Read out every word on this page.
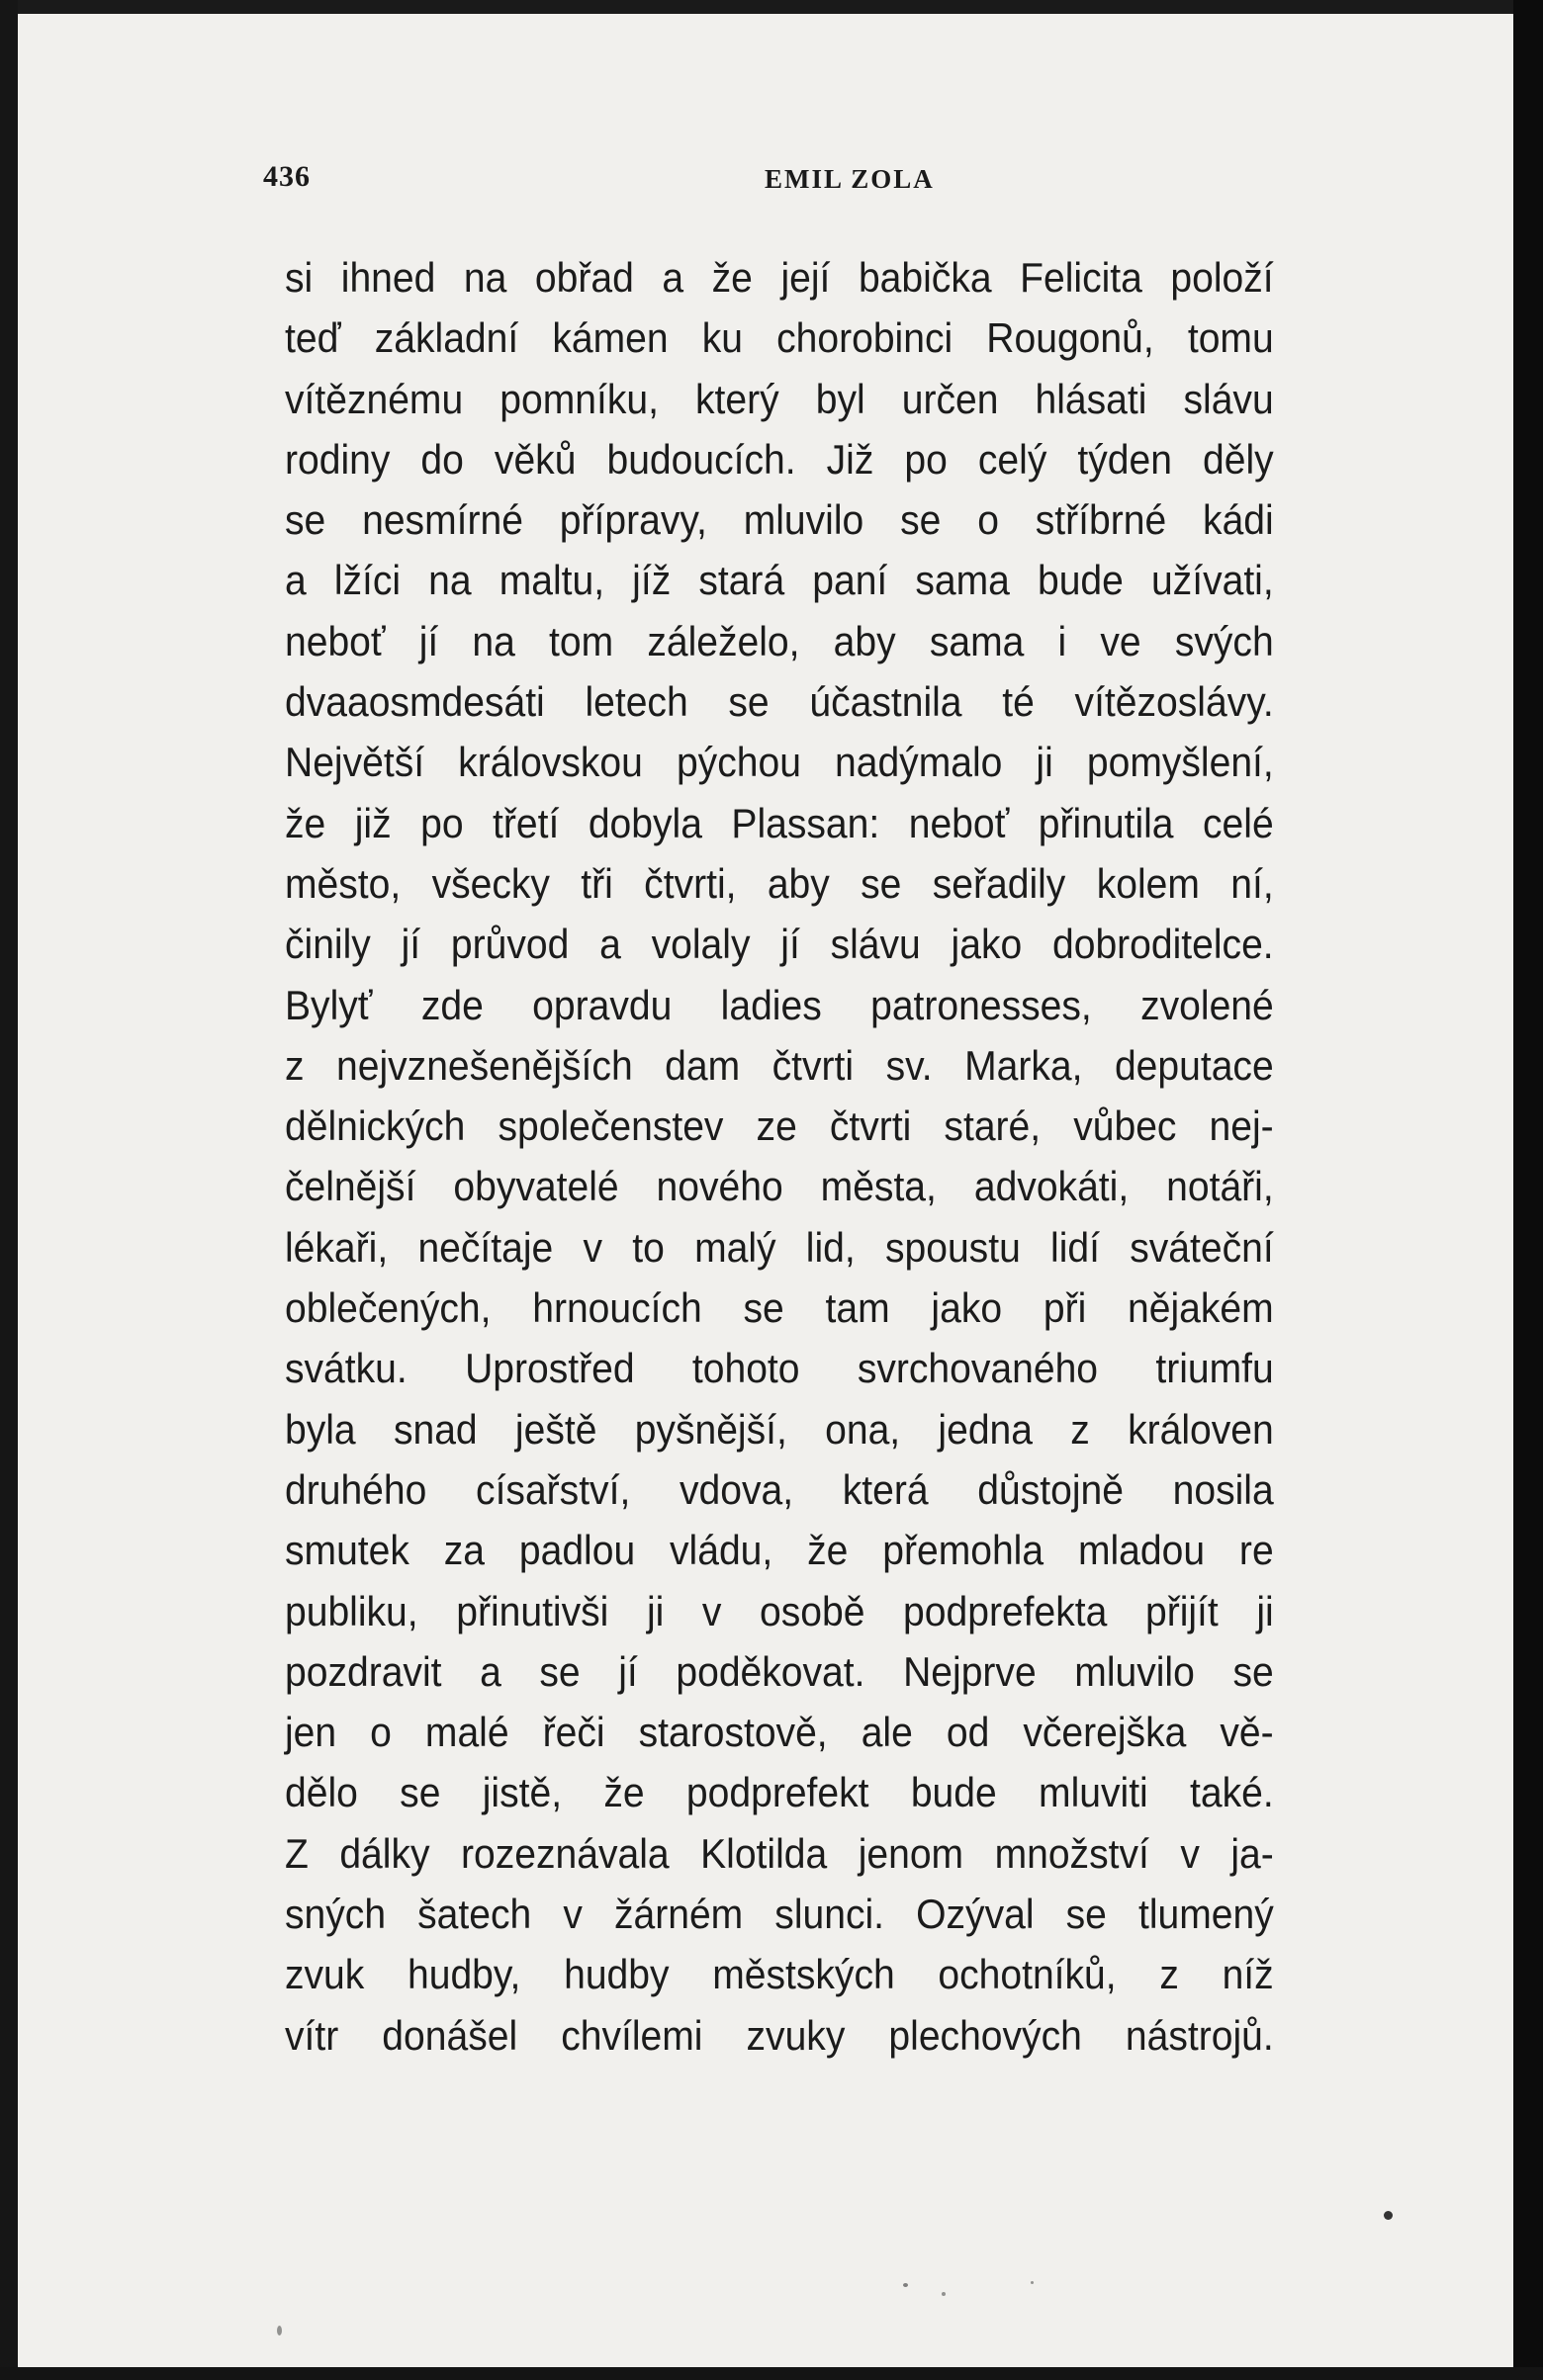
436	EMIL ZOLA
si ihned na obřad a že její babička Felicita položí
teď základní kámen ku chorobinci Rougonů, tomu
vítěznému pomníku, který byl určen hlásati slávu
rodiny do věků budoucích. Již po celý týden děly
se nesmírné přípravy, mluvilo se o stříbrné kádi
a lžíci na maltu, jíž stará paní sama bude užívati,
neboť jí na tom záleželo, aby sama i ve svých
dvaaosmdesáti letech se účastnila té vítězoslávy.
Největší královskou pýchou nadýmalo ji pomyšlení,
že již po třetí dobyla Plassan: neboť přinutila celé
město, všecky tři čtvrti, aby se seřadily kolem ní,
činily jí průvod a volaly jí slávu jako dobroditelce.
Bylyť zde opravdu ladies patronesses, zvolené
z nejvznešenějších dam čtvrti sv. Marka, deputace
dělnických společenstev ze čtvrti staré, vůbec nej-
čelnější obyvatelé nového města, advokáti, notáři,
lékaři, nečítaje v to malý lid, spoustu lidí sváteční
oblečených, hrnoucích se tam jako při nějakém
svátku. Uprostřed tohoto svrchovaného triumfu
byla snad ještě pyšnější, ona, jedna z královen
druhého císařství, vdova, která důstojně nosila
smutek za padlou vládu, že přemohla mladou re
publiku, přinutivši ji v osobě podprefekta přijít ji
pozdravit a se jí poděkovat. Nejprve mluvilo se
jen o malé řeči starostově, ale od včerejška vě-
dělo se jistě, že podprefekt bude mluviti také.
Z dálky rozeznávala Klotilda jenom množství v ja-
sných šatech v žárném slunci. Ozýval se tlumený
zvuk hudby, hudby městských ochotníků, z níž
vítr donášel chvílemi zvuky plechových nástrojů.
